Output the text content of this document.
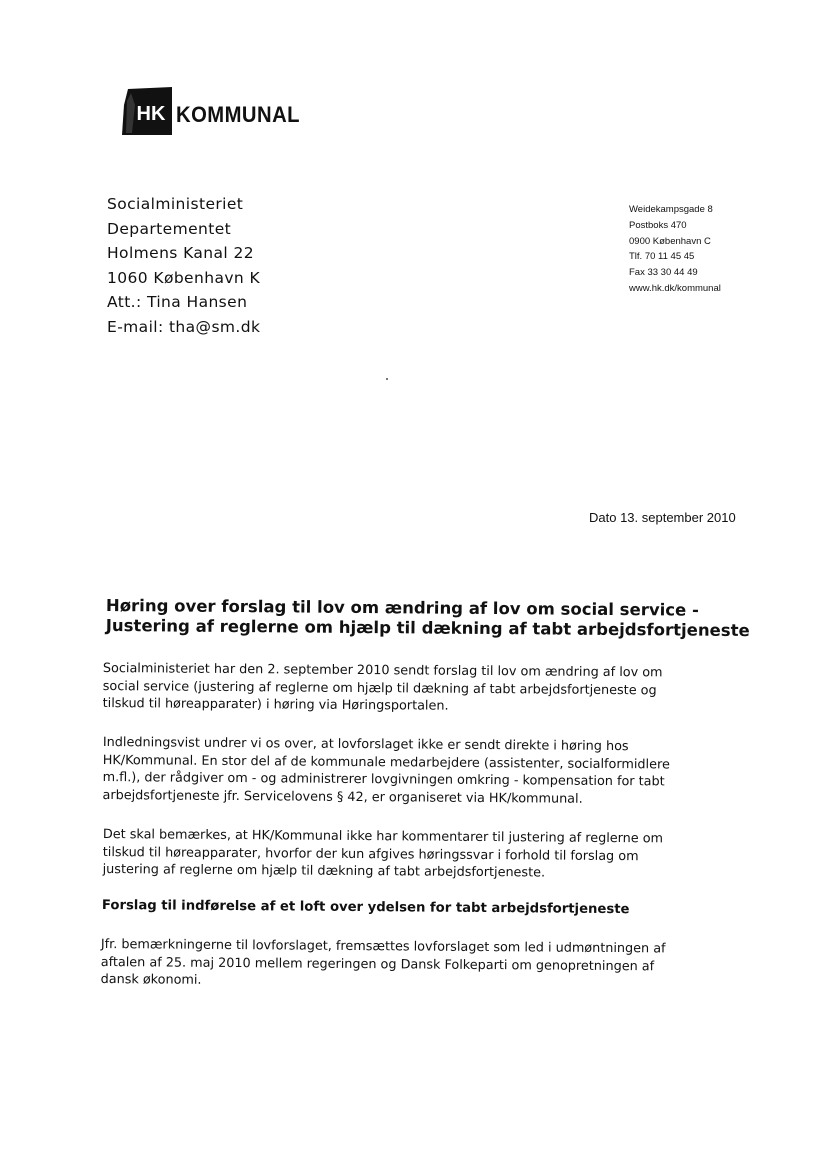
HK KOMMUNAL
Socialministeriet
Departementet
Holmens Kanal 22
1060 København K
Att.: Tina Hansen
E-mail: tha@sm.dk
Weidekampsgade 8
Postboks 470
0900 København C
Tlf. 70 11 45 45
Fax 33 30 44 49
www.hk.dk/kommunal
Dato 13. september 2010
Høring over forslag til lov om ændring af lov om social service -
Justering af reglerne om hjælp til dækning af tabt arbejdsfortjeneste
Socialministeriet har den 2. september 2010 sendt forslag til lov om ændring af lov om
social service (justering af reglerne om hjælp til dækning af tabt arbejdsfortjeneste og
tilskud til høreapparater) i høring via Høringsportalen.
Indledningsvist undrer vi os over, at lovforslaget ikke er sendt direkte i høring hos
HK/Kommunal. En stor del af de kommunale medarbejdere (assistenter, socialformidlere
m.fl.), der rådgiver om - og administrerer lovgivningen omkring - kompensation for tabt
arbejdsfortjeneste jfr. Servicelovens § 42, er organiseret via HK/kommunal.
Det skal bemærkes, at HK/Kommunal ikke har kommentarer til justering af reglerne om
tilskud til høreapparater, hvorfor der kun afgives høringssvar i forhold til forslag om
justering af reglerne om hjælp til dækning af tabt arbejdsfortjeneste.
Forslag til indførelse af et loft over ydelsen for tabt arbejdsfortjeneste
Jfr. bemærkningerne til lovforslaget, fremsættes lovforslaget som led i udmøntningen af
aftalen af 25. maj 2010 mellem regeringen og Dansk Folkeparti om genopretningen af
dansk økonomi.
